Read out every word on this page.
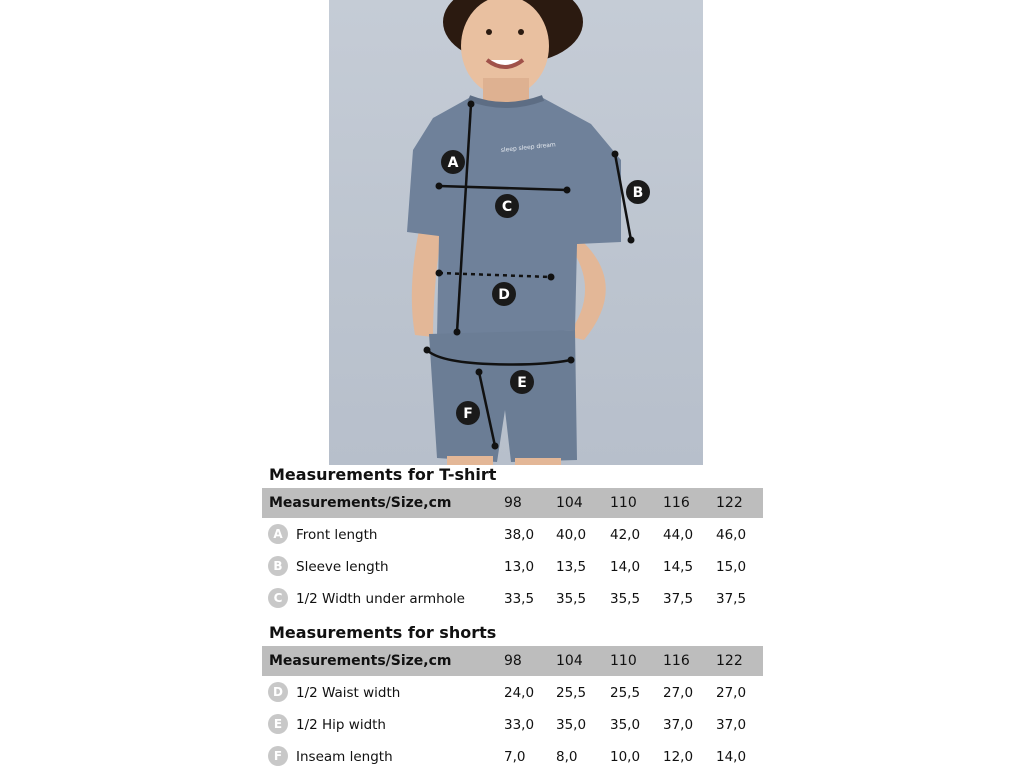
sleep sleep dream
A
B
C
D
E
F
Measurements for T-shirt
Measurements/Size,cm	98 104 110 116 122
A Front length	38,0 40,0 42,0 44,0 46,0
B Sleeve length	13,0 13,5 14,0 14,5 15,0
C	1/2 Width under armhole	33,5 35,5 35,5 37,5 37,5
Measurements for shorts
Measurements/Size,cm	98 104 110 116 122
D 1/2 Waist width	24,0 25,5 25,5 27,0 27,0
E	1/2 Hip width	33,0 35,0 35,0 37,0 37,0
F	Inseam length	7,0 8,0 10,0 12,0 14,0
